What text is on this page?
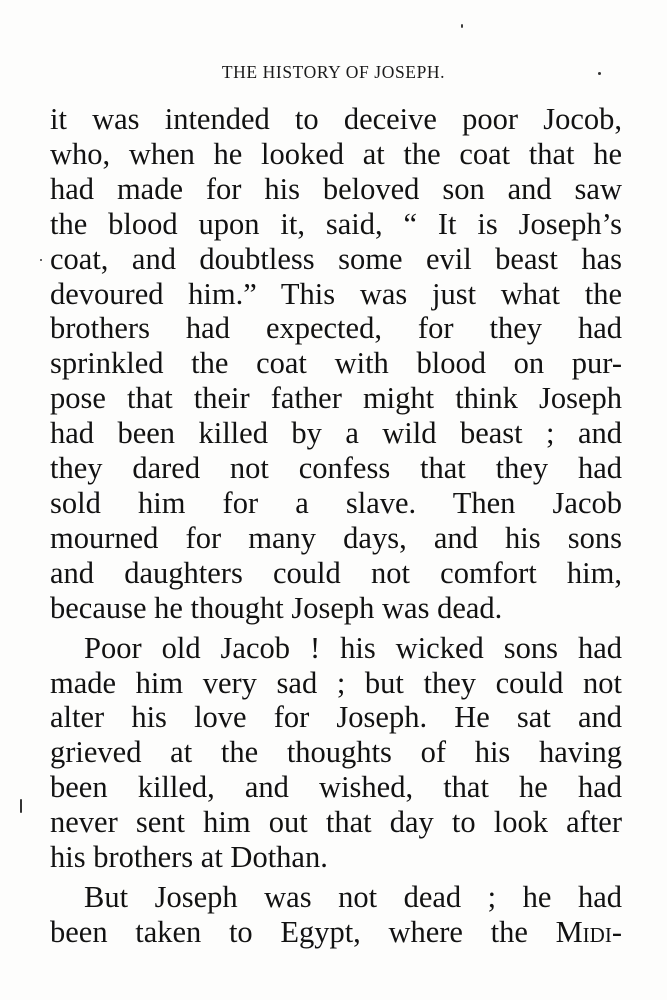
THE HISTORY OF JOSEPH.
it was intended to deceive poor Jocob,
who, when he looked at the coat that he
had made for his beloved son and saw
the blood upon it, said, “ It is Joseph’s
coat, and doubtless some evil beast has
devoured him.” This was just what the
brothers had expected, for they had
sprinkled the coat with blood on pur-
pose that their father might think Joseph
had been killed by a wild beast ; and
they dared not confess that they had
sold him for a slave. Then Jacob
mourned for many days, and his sons
and daughters could not comfort him,
because he thought Joseph was dead.
Poor old Jacob ! his wicked sons had
made him very sad ; but they could not
alter his love for Joseph. He sat and
grieved at the thoughts of his having
been killed, and wished, that he had
never sent him out that day to look after
his brothers at Dothan.
But Joseph was not dead ; he had
been taken to Egypt, where the Midi-
